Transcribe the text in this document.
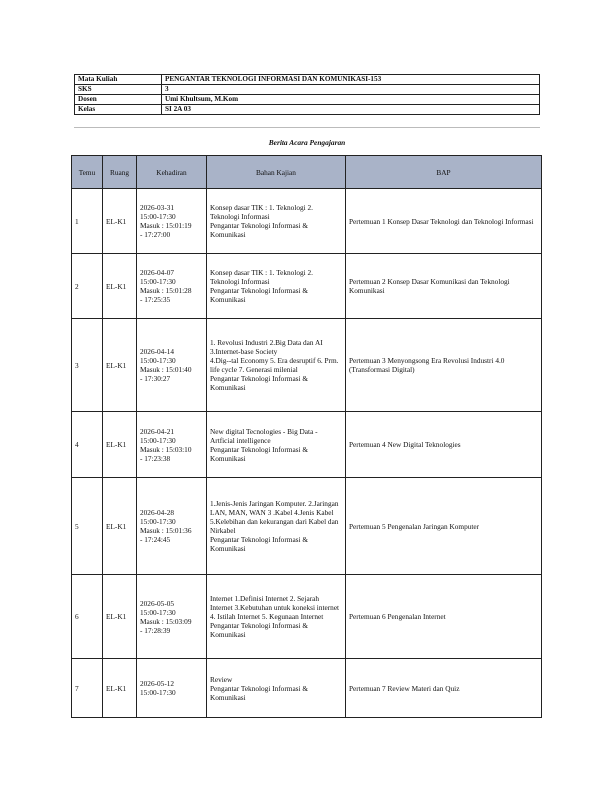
Mata Kuliah	PENGANTAR TEKNOLOGI INFORMASI DAN KOMUNIKASI-153
SKS	3
Dosen	Umi Khultsum, M.Kom
Kelas	SI 2A 03
Berita Acara Pengajaran
Temu	Ruang	Kehadiran	Bahan Kajian	BAP
1	EL-K1	2026-03-31
15:00-17:30
Masuk : 15:01:19
- 17:27:00	Konsep dasar TIK : 1. Teknologi 2. Teknologi Informasi
Pengantar Teknologi Informasi & Komunikasi	Pertemuan 1 Konsep Dasar Teknologi dan Teknologi Informasi
2	EL-K1	2026-04-07
15:00-17:30
Masuk : 15:01:28
- 17:25:35	Konsep dasar TIK : 1. Teknologi 2. Teknologi Informasi
Pengantar Teknologi Informasi & Komunikasi	Pertemuan 2 Konsep Dasar Komunikasi dan Teknologi Komunikasi
3	EL-K1	2026-04-14
15:00-17:30
Masuk : 15:01:40
- 17:30:27	1. Revolusi Industri 2.Big Data dan AI 3.Internet-base Society
4.Dig--tal Economy 5. Era desruptif 6. Prm. life cycle 7. Generasi milenial
Pengantar Teknologi Informasi & Komunikasi	Pertemuan 3 Menyongsong Era Revolusi Industri 4.0 (Transformasi Digital)
4	EL-K1	2026-04-21
15:00-17:30
Masuk : 15:03:10
- 17:23:38	New digital Tecnologies - Big Data - Artficial intelligence
Pengantar Teknologi Informasi & Komunikasi	Pertemuan 4 New Digital Teknologies
5	EL-K1	2026-04-28
15:00-17:30
Masuk : 15:01:36
- 17:24:45	1.Jenis-Jenis Jaringan Komputer. 2.Jaringan LAN, MAN, WAN 3 .Kabel 4.Jenis Kabel 5.Kelebihan dan kekurangan dari Kabel dan Nirkabel
Pengantar Teknologi Informasi & Komunikasi	Pertemuan 5 Pengenalan Jaringan Komputer
6	EL-K1	2026-05-05
15:00-17:30
Masuk : 15:03:09
- 17:28:39	Internet 1.Definisi Internet 2. Sejarah Internet 3.Kebutuhan untuk koneksi internet 4. Istilah Internet 5. Kegunaan Internet
Pengantar Teknologi Informasi & Komunikasi	Pertemuan 6 Pengenalan Internet
7	EL-K1	2026-05-12
15:00-17:30	Review
Pengantar Teknologi Informasi & Komunikasi	Pertemuan 7 Review Materi dan Quiz
